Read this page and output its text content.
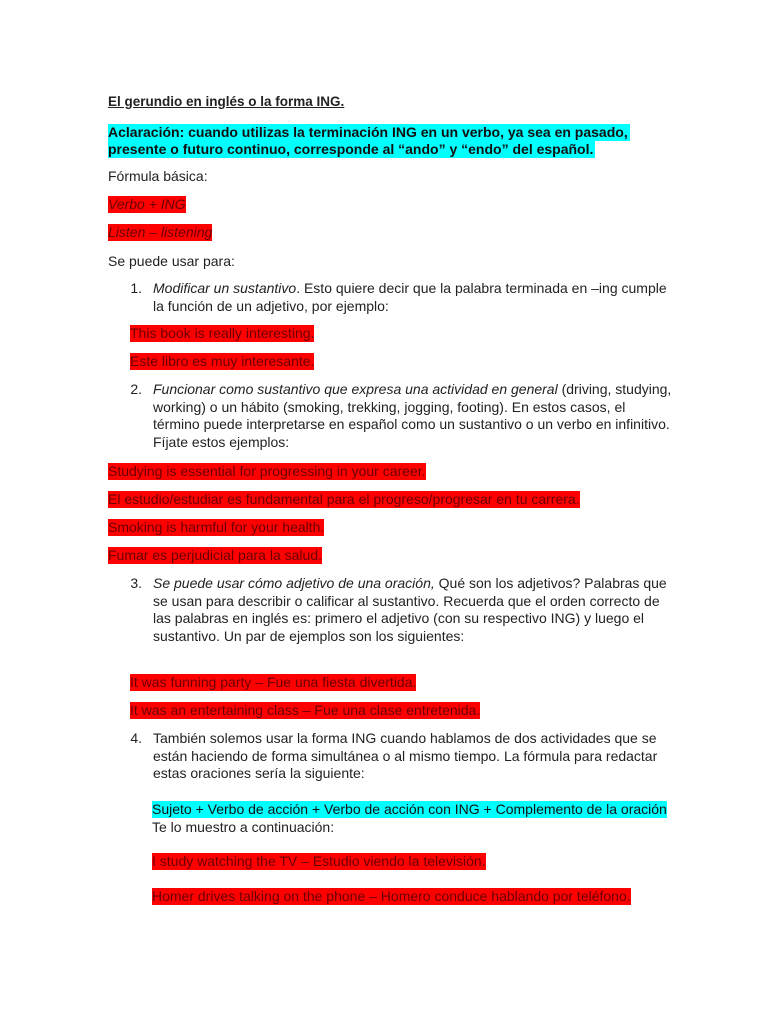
El gerundio en inglés o la forma ING.
Aclaración: cuando utilizas la terminación ING en un verbo, ya sea en pasado,
presente o futuro continuo, corresponde al “ando” y “endo” del español.
Fórmula básica:
Verbo + ING
Listen – listening
Se puede usar para:
1. Modificar un sustantivo. Esto quiere decir que la palabra terminada en –ing cumple la función de un adjetivo, por ejemplo:
This book is really interesting.
Este libro es muy interesante.
2. Funcionar como sustantivo que expresa una actividad en general (driving, studying, working) o un hábito (smoking, trekking, jogging, footing). En estos casos, el término puede interpretarse en español como un sustantivo o un verbo en infinitivo. Fíjate estos ejemplos:
Studying is essential for progressing in your career.
El estudio/estudiar es fundamental para el progreso/progresar en tu carrera.
Smoking is harmful for your health.
Fumar es perjudicial para la salud.
3. Se puede usar cómo adjetivo de una oración, Qué son los adjetivos? Palabras que se usan para describir o calificar al sustantivo. Recuerda que el orden correcto de las palabras en inglés es: primero el adjetivo (con su respectivo ING) y luego el sustantivo. Un par de ejemplos son los siguientes:
It was funning party – Fue una fiesta divertida.
It was an entertaining class – Fue una clase entretenida.
4. También solemos usar la forma ING cuando hablamos de dos actividades que se están haciendo de forma simultánea o al mismo tiempo. La fórmula para redactar estas oraciones sería la siguiente:
Sujeto + Verbo de acción + Verbo de acción con ING + Complemento de la oración
Te lo muestro a continuación:
I study watching the TV – Estudio viendo la televisión.
Homer drives talking on the phone – Homero conduce hablando por teléfono.
